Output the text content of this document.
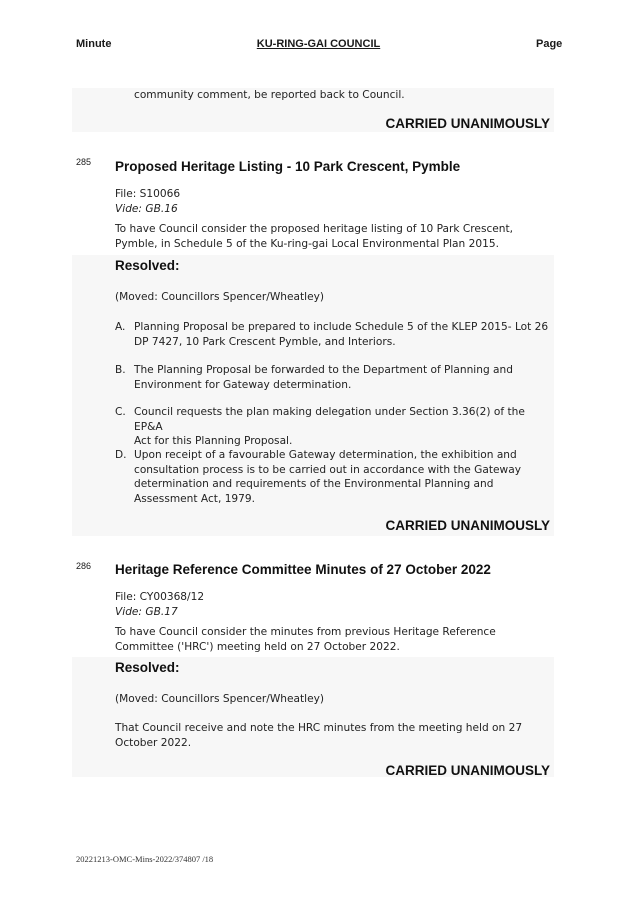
Minute	KU-RING-GAI COUNCIL	Page
community comment, be reported back to Council.
CARRIED UNANIMOUSLY
285 Proposed Heritage Listing - 10 Park Crescent, Pymble
File: S10066
Vide: GB.16
To have Council consider the proposed heritage listing of 10 Park Crescent,
Pymble, in Schedule 5 of the Ku-ring-gai Local Environmental Plan 2015.
Resolved:
(Moved: Councillors Spencer/Wheatley)
A. Planning Proposal be prepared to include Schedule 5 of the KLEP 2015- Lot 26
DP 7427, 10 Park Crescent Pymble, and Interiors.
B. The Planning Proposal be forwarded to the Department of Planning and
Environment for Gateway determination.
C. Council requests the plan making delegation under Section 3.36(2) of the EP&A
Act for this Planning Proposal.
D. Upon receipt of a favourable Gateway determination, the exhibition and
consultation process is to be carried out in accordance with the Gateway
determination and requirements of the Environmental Planning and
Assessment Act, 1979.
CARRIED UNANIMOUSLY
286 Heritage Reference Committee Minutes of 27 October 2022
File: CY00368/12
Vide: GB.17
To have Council consider the minutes from previous Heritage Reference
Committee ('HRC') meeting held on 27 October 2022.
Resolved:
(Moved: Councillors Spencer/Wheatley)
That Council receive and note the HRC minutes from the meeting held on 27
October 2022.
CARRIED UNANIMOUSLY
20221213-OMC-Mins-2022/374807 /18
